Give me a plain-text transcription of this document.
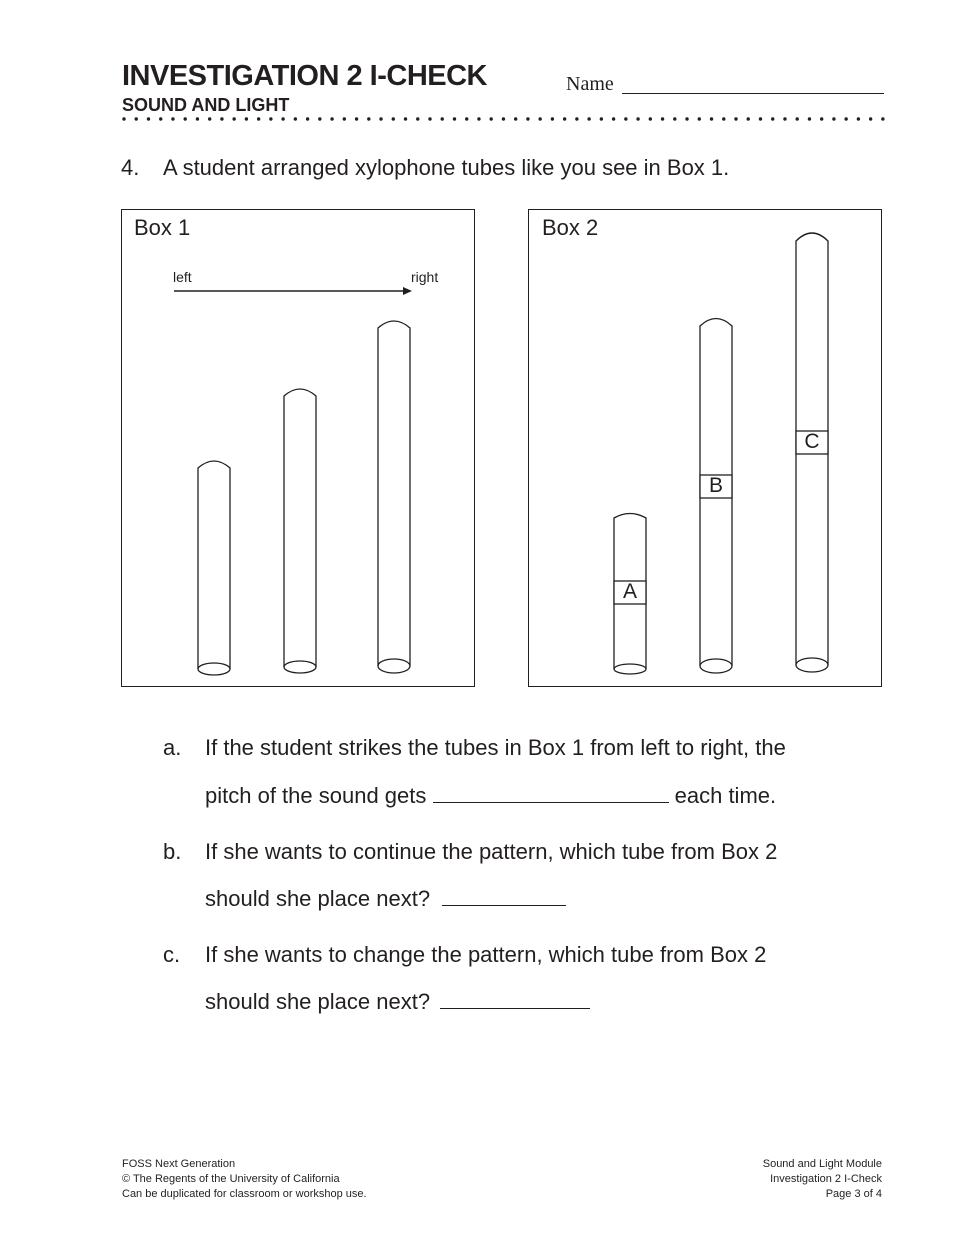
INVESTIGATION 2 I-CHECK
SOUND AND LIGHT
Name
4. A student arranged xylophone tubes like you see in Box 1.
Box 1
left	right
Box 2
A
B
C
a. If the student strikes the tubes in Box 1 from left to right, the
pitch of the sound gets	each time.
b. If she wants to continue the pattern, which tube from Box 2
should she place next?
c. If she wants to change the pattern, which tube from Box 2
should she place next?
FOSS Next Generation
© The Regents of the University of California
Can be duplicated for classroom or workshop use.
Sound and Light Module
Investigation 2 I-Check
Page 3 of 4
